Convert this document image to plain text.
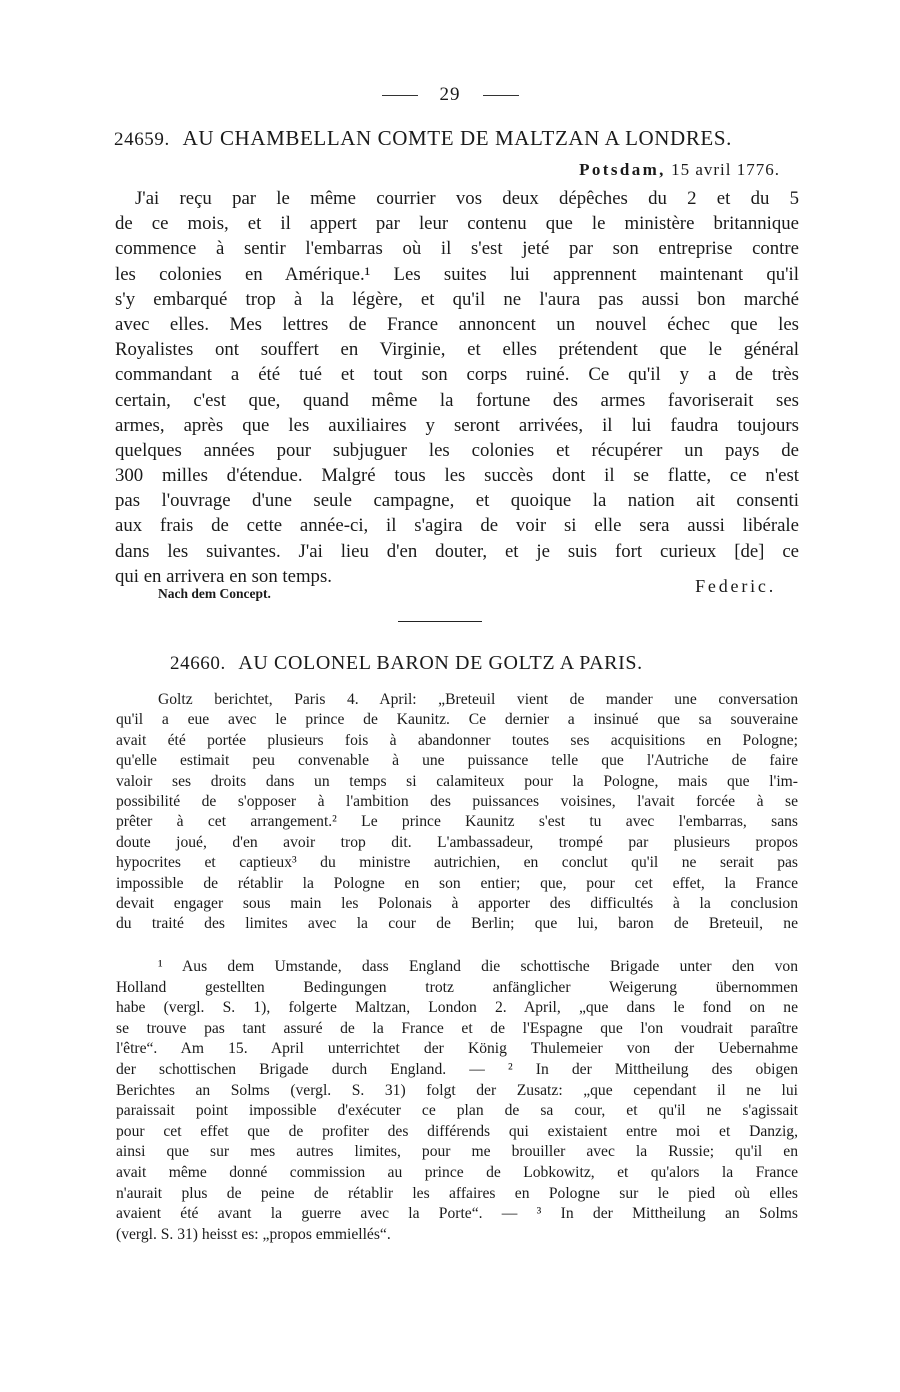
29
24659. AU CHAMBELLAN COMTE DE MALTZAN A LONDRES.
Potsdam, 15 avril 1776.
J'ai reçu par le même courrier vos deux dépêches du 2 et du 5
de ce mois, et il appert par leur contenu que le ministère britannique
commence à sentir l'embarras où il s'est jeté par son entreprise contre
les colonies en Amérique.¹ Les suites lui apprennent maintenant qu'il
s'y embarqué trop à la légère, et qu'il ne l'aura pas aussi bon marché
avec elles. Mes lettres de France annoncent un nouvel échec que les
Royalistes ont souffert en Virginie, et elles prétendent que le général
commandant a été tué et tout son corps ruiné. Ce qu'il y a de très
certain, c'est que, quand même la fortune des armes favoriserait ses
armes, après que les auxiliaires y seront arrivées, il lui faudra toujours
quelques années pour subjuguer les colonies et récupérer un pays de
300 milles d'étendue. Malgré tous les succès dont il se flatte, ce n'est
pas l'ouvrage d'une seule campagne, et quoique la nation ait consenti
aux frais de cette année-ci, il s'agira de voir si elle sera aussi libérale
dans les suivantes. J'ai lieu d'en douter, et je suis fort curieux [de] ce
qui en arrivera en son temps.	Federic.
Nach dem Concept.
24660. AU COLONEL BARON DE GOLTZ A PARIS.
Goltz berichtet, Paris 4. April: „Breteuil vient de mander une conversation
qu'il a eue avec le prince de Kaunitz. Ce dernier a insinué que sa souveraine
avait été portée plusieurs fois à abandonner toutes ses acquisitions en Pologne;
qu'elle estimait peu convenable à une puissance telle que l'Autriche de faire
valoir ses droits dans un temps si calamiteux pour la Pologne, mais que l'im-
possibilité de s'opposer à l'ambition des puissances voisines, l'avait forcée à se
prêter à cet arrangement.² Le prince Kaunitz s'est tu avec l'embarras, sans
doute joué, d'en avoir trop dit. L'ambassadeur, trompé par plusieurs propos
hypocrites et captieux³ du ministre autrichien, en conclut qu'il ne serait pas
impossible de rétablir la Pologne en son entier; que, pour cet effet, la France
devait engager sous main les Polonais à apporter des difficultés à la conclusion
du traité des limites avec la cour de Berlin; que lui, baron de Breteuil, ne
¹ Aus dem Umstande, dass England die schottische Brigade unter den von
Holland gestellten Bedingungen trotz anfänglicher Weigerung übernommen
habe (vergl. S. 1), folgerte Maltzan, London 2. April, „que dans le fond on ne
se trouve pas tant assuré de la France et de l'Espagne que l'on voudrait paraître
l'être“. Am 15. April unterrichtet der König Thulemeier von der Uebernahme
der schottischen Brigade durch England. — ² In der Mittheilung des obigen
Berichtes an Solms (vergl. S. 31) folgt der Zusatz: „que cependant il ne lui
paraissait point impossible d'exécuter ce plan de sa cour, et qu'il ne s'agissait
pour cet effet que de profiter des différends qui existaient entre moi et Danzig,
ainsi que sur mes autres limites, pour me brouiller avec la Russie; qu'il en
avait même donné commission au prince de Lobkowitz, et qu'alors la France
n'aurait plus de peine de rétablir les affaires en Pologne sur le pied où elles
avaient été avant la guerre avec la Porte“. — ³ In der Mittheilung an Solms
(vergl. S. 31) heisst es: „propos emmiellés“.
